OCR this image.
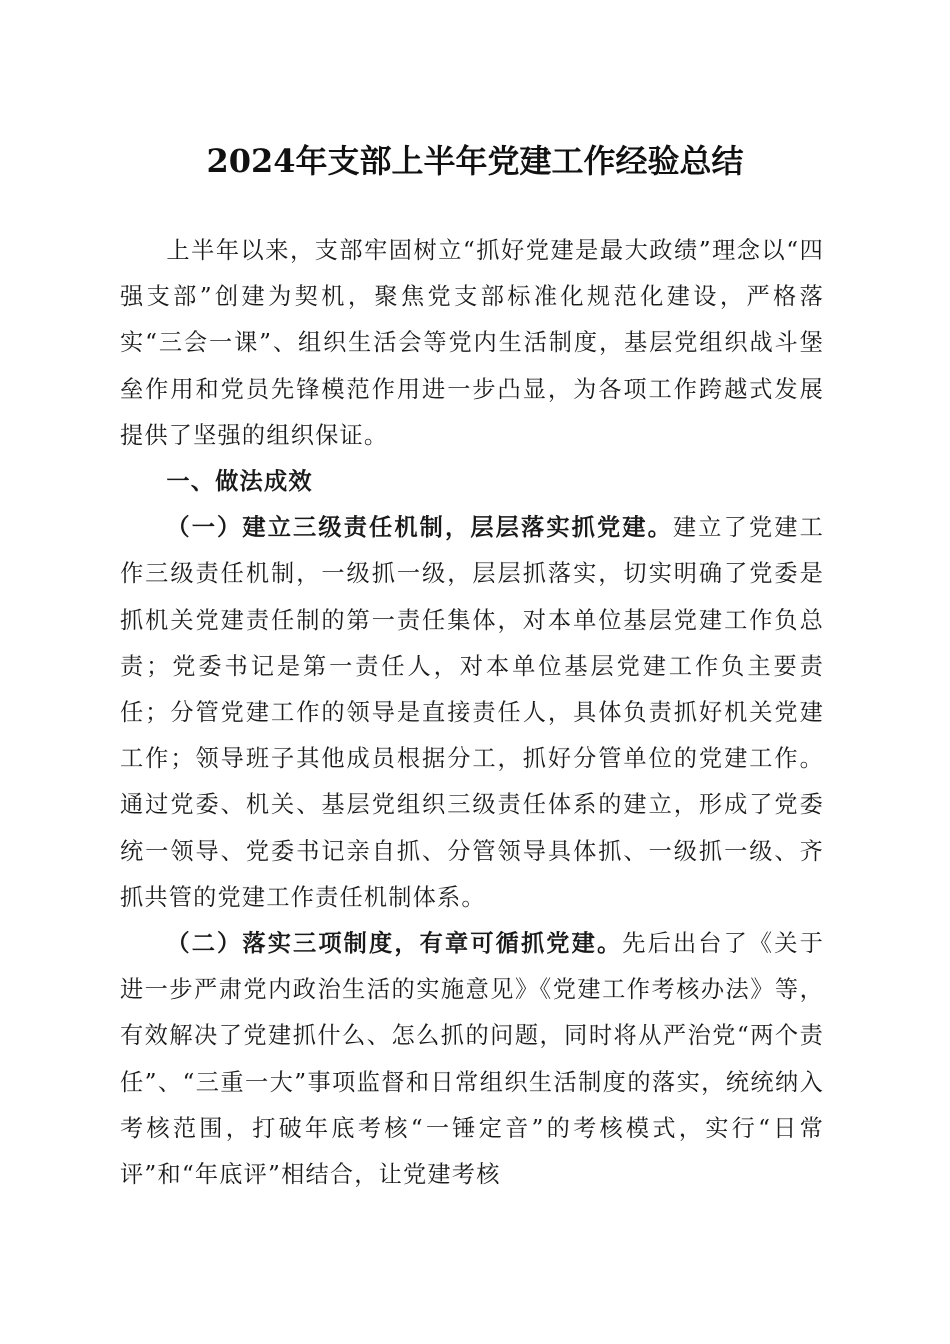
2024年支部上半年党建工作经验总结

上半年以来，支部牢固树立“抓好党建是最大政绩”理念以“四强支部”创建为契机，聚焦党支部标准化规范化建设，严格落实“三会一课”、组织生活会等党内生活制度，基层党组织战斗堡垒作用和党员先锋模范作用进一步凸显，为各项工作跨越式发展提供了坚强的组织保证。

一、做法成效

（一）建立三级责任机制，层层落实抓党建。建立了党建工作三级责任机制，一级抓一级，层层抓落实，切实明确了党委是抓机关党建责任制的第一责任集体，对本单位基层党建工作负总责；党委书记是第一责任人，对本单位基层党建工作负主要责任；分管党建工作的领导是直接责任人，具体负责抓好机关党建工作；领导班子其他成员根据分工，抓好分管单位的党建工作。通过党委、机关、基层党组织三级责任体系的建立，形成了党委统一领导、党委书记亲自抓、分管领导具体抓、一级抓一级、齐抓共管的党建工作责任机制体系。

（二）落实三项制度，有章可循抓党建。先后出台了《关于进一步严肃党内政治生活的实施意见》《党建工作考核办法》等，有效解决了党建抓什么、怎么抓的问题，同时将从严治党“两个责任”、“三重一大”事项监督和日常组织生活制度的落实，统统纳入考核范围，打破年底考核“一锤定音”的考核模式，实行“日常评”和“年底评”相结合，让党建考核
